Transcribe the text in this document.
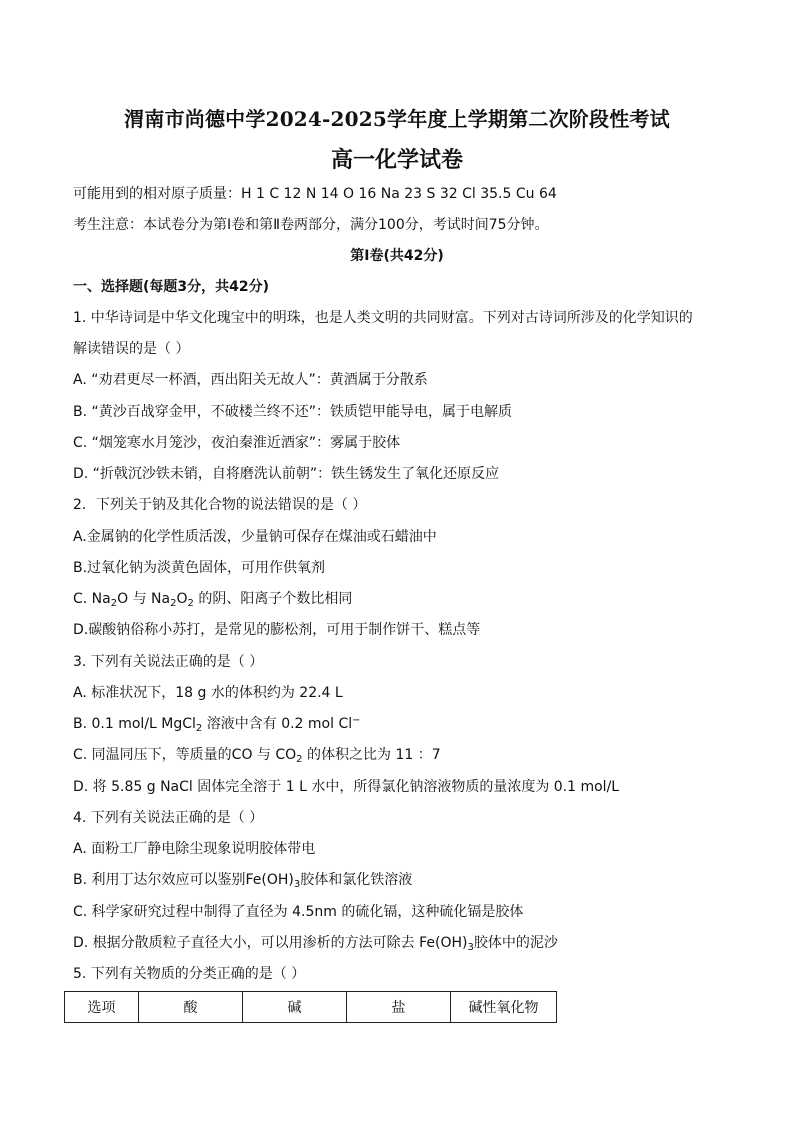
渭南市尚德中学2024-2025学年度上学期第二次阶段性考试
高一化学试卷
可能用到的相对原子质量：H 1 C 12 N 14 O 16 Na 23 S 32 Cl 35.5 Cu 64
考生注意：本试卷分为第Ⅰ卷和第Ⅱ卷两部分，满分100分，考试时间75分钟。
第Ⅰ卷(共42分)
一、选择题(每题3分，共42分)
1. 中华诗词是中华文化瑰宝中的明珠，也是人类文明的共同财富。下列对古诗词所涉及的化学知识的
解读错误的是（ ）
A. “劝君更尽一杯酒，西出阳关无故人”：黄酒属于分散系
B. “黄沙百战穿金甲，不破楼兰终不还”：铁质铠甲能导电，属于电解质
C. “烟笼寒水月笼沙，夜泊秦淮近酒家”：雾属于胶体
D. “折戟沉沙铁未销，自将磨洗认前朝”：铁生锈发生了氧化还原反应
2．下列关于钠及其化合物的说法错误的是（ ）
A.金属钠的化学性质活泼，少量钠可保存在煤油或石蜡油中
B.过氧化钠为淡黄色固体，可用作供氧剂
C. $Na_2O$ 与 $Na_2O_2$ 的阴、阳离子个数比相同
D.碳酸钠俗称小苏打，是常见的膨松剂，可用于制作饼干、糕点等
3. 下列有关说法正确的是（ ）
A. 标准状况下，18 g 水的体积约为 22.4 L
B. 0.1 mol/L MgCl$_2$ 溶液中含有 0.2 mol Cl−
C. 同温同压下，等质量的CO 与 $CO_2$ 的体积之比为 11 ：7
D. 将 5.85 g NaCl 固体完全溶于 1 L 水中，所得氯化钠溶液物质的量浓度为 0.1 mol/L
4. 下列有关说法正确的是（ ）
A. 面粉工厂静电除尘现象说明胶体带电
B. 利用丁达尔效应可以鉴别$Fe(OH)_3$胶体和氯化铁溶液
C. 科学家研究过程中制得了直径为 4.5nm 的硫化镉，这种硫化镉是胶体
D. 根据分散质粒子直径大小，可以用渗析的方法可除去 $Fe(OH)_3$胶体中的泥沙
5. 下列有关物质的分类正确的是（ ）
选项	酸	碱	盐	碱性氧化物
